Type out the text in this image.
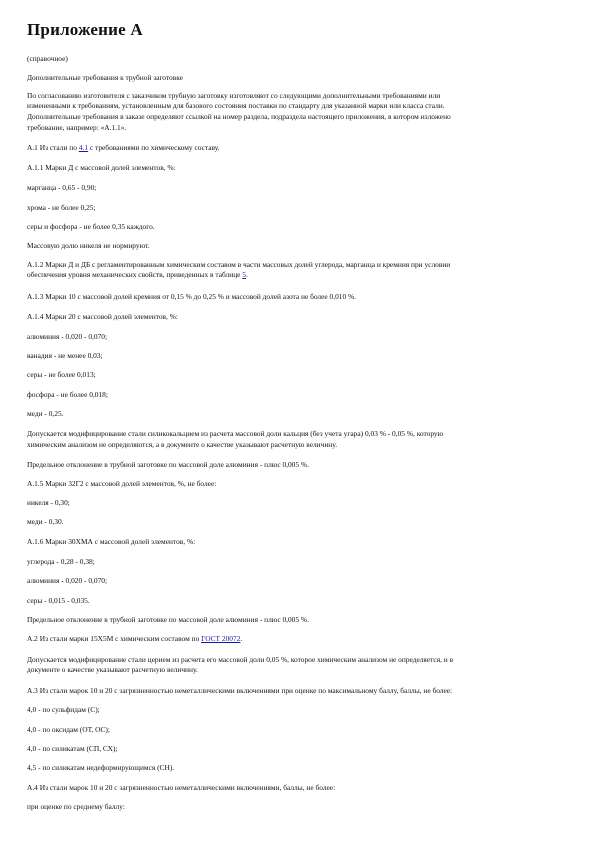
Приложение А

(справочное)

Дополнительные требования к трубной заготовке

По согласованию изготовителя с заказчиком трубную заготовку изготовляют со следующими дополнительными требованиями или

измененными к требованиям, установленным для базового состояния поставки по стандарту для указанной марки или класса стали.

Дополнительные требования в заказе определяют ссылкой на номер раздела, подраздела настоящего приложения, в котором изложено

требование, например: «А.1.1».

А.1 Из стали по 4.1 с требованиями по химическому составу.

А.1.1 Марки Д с массовой долей элементов, %:

марганца - 0,65 - 0,90;

хрома - не более 0,25;

серы и фосфора - не более 0,35 каждого.

Массовую долю никеля не нормируют.

А.1.2 Марки Д и ДБ с регламентированным химическим составом в части массовых долей углерода, марганца и кремния при условии

обеспечения уровня механических свойств, приведенных в таблице 5.

А.1.3 Марки 10 с массовой долей кремния от 0,15 % до 0,25 % и массовой долей азота не более 0,010 %.

А.1.4 Марки 20 с массовой долей элементов, %:

алюминия - 0,020 - 0,070;

ванадия - не менее 0,03;

серы - не более 0,013;

фосфора - не более 0,018;

меди - 0,25.

Допускается модифицирование стали силикокальцием из расчета массовой доли кальция (без учета угара) 0,03 % - 0,05 %, которую

химическим анализом не определяются, а в документе о качестве указывают расчетную величину.

Предельное отклонение в трубной заготовке по массовой доле алюминия - плюс 0,005 %.

А.1.5 Марки 32Г2 с массовой долей элементов, %, не более:

никеля - 0,30;

меди - 0,30.

А.1.6 Марки 30ХМА с массовой долей элементов, %:

углерода - 0,28 - 0,38;

алюминия - 0,020 - 0,070;

серы - 0,015 - 0,035.

Предельное отклонение в трубной заготовке по массовой доле алюминия - плюс 0,005 %.

А.2 Из стали марки 15Х5М с химическим составом по ГОСТ 20072.

Допускается модифицирование стали церием из расчета его массовой доли 0,05 %, которое химическим анализом не определяется, и в

документе о качестве указывают расчетную величину.

А.3 Из стали марок 10 и 20 с загрязненностью неметаллическими включениями при оценке по максимальному баллу, баллы, не более:

4,0 - по сульфидам (С);

4,0 - по оксидам (ОТ, ОС);

4,0 - по силикатам (СП, СХ);

4,5 - по силикатам недеформирующимся (СН).

А.4 Из стали марок 10 и 20 с загрязненностью неметаллическими включениями, баллы, не более:

при оценке по среднему баллу:
